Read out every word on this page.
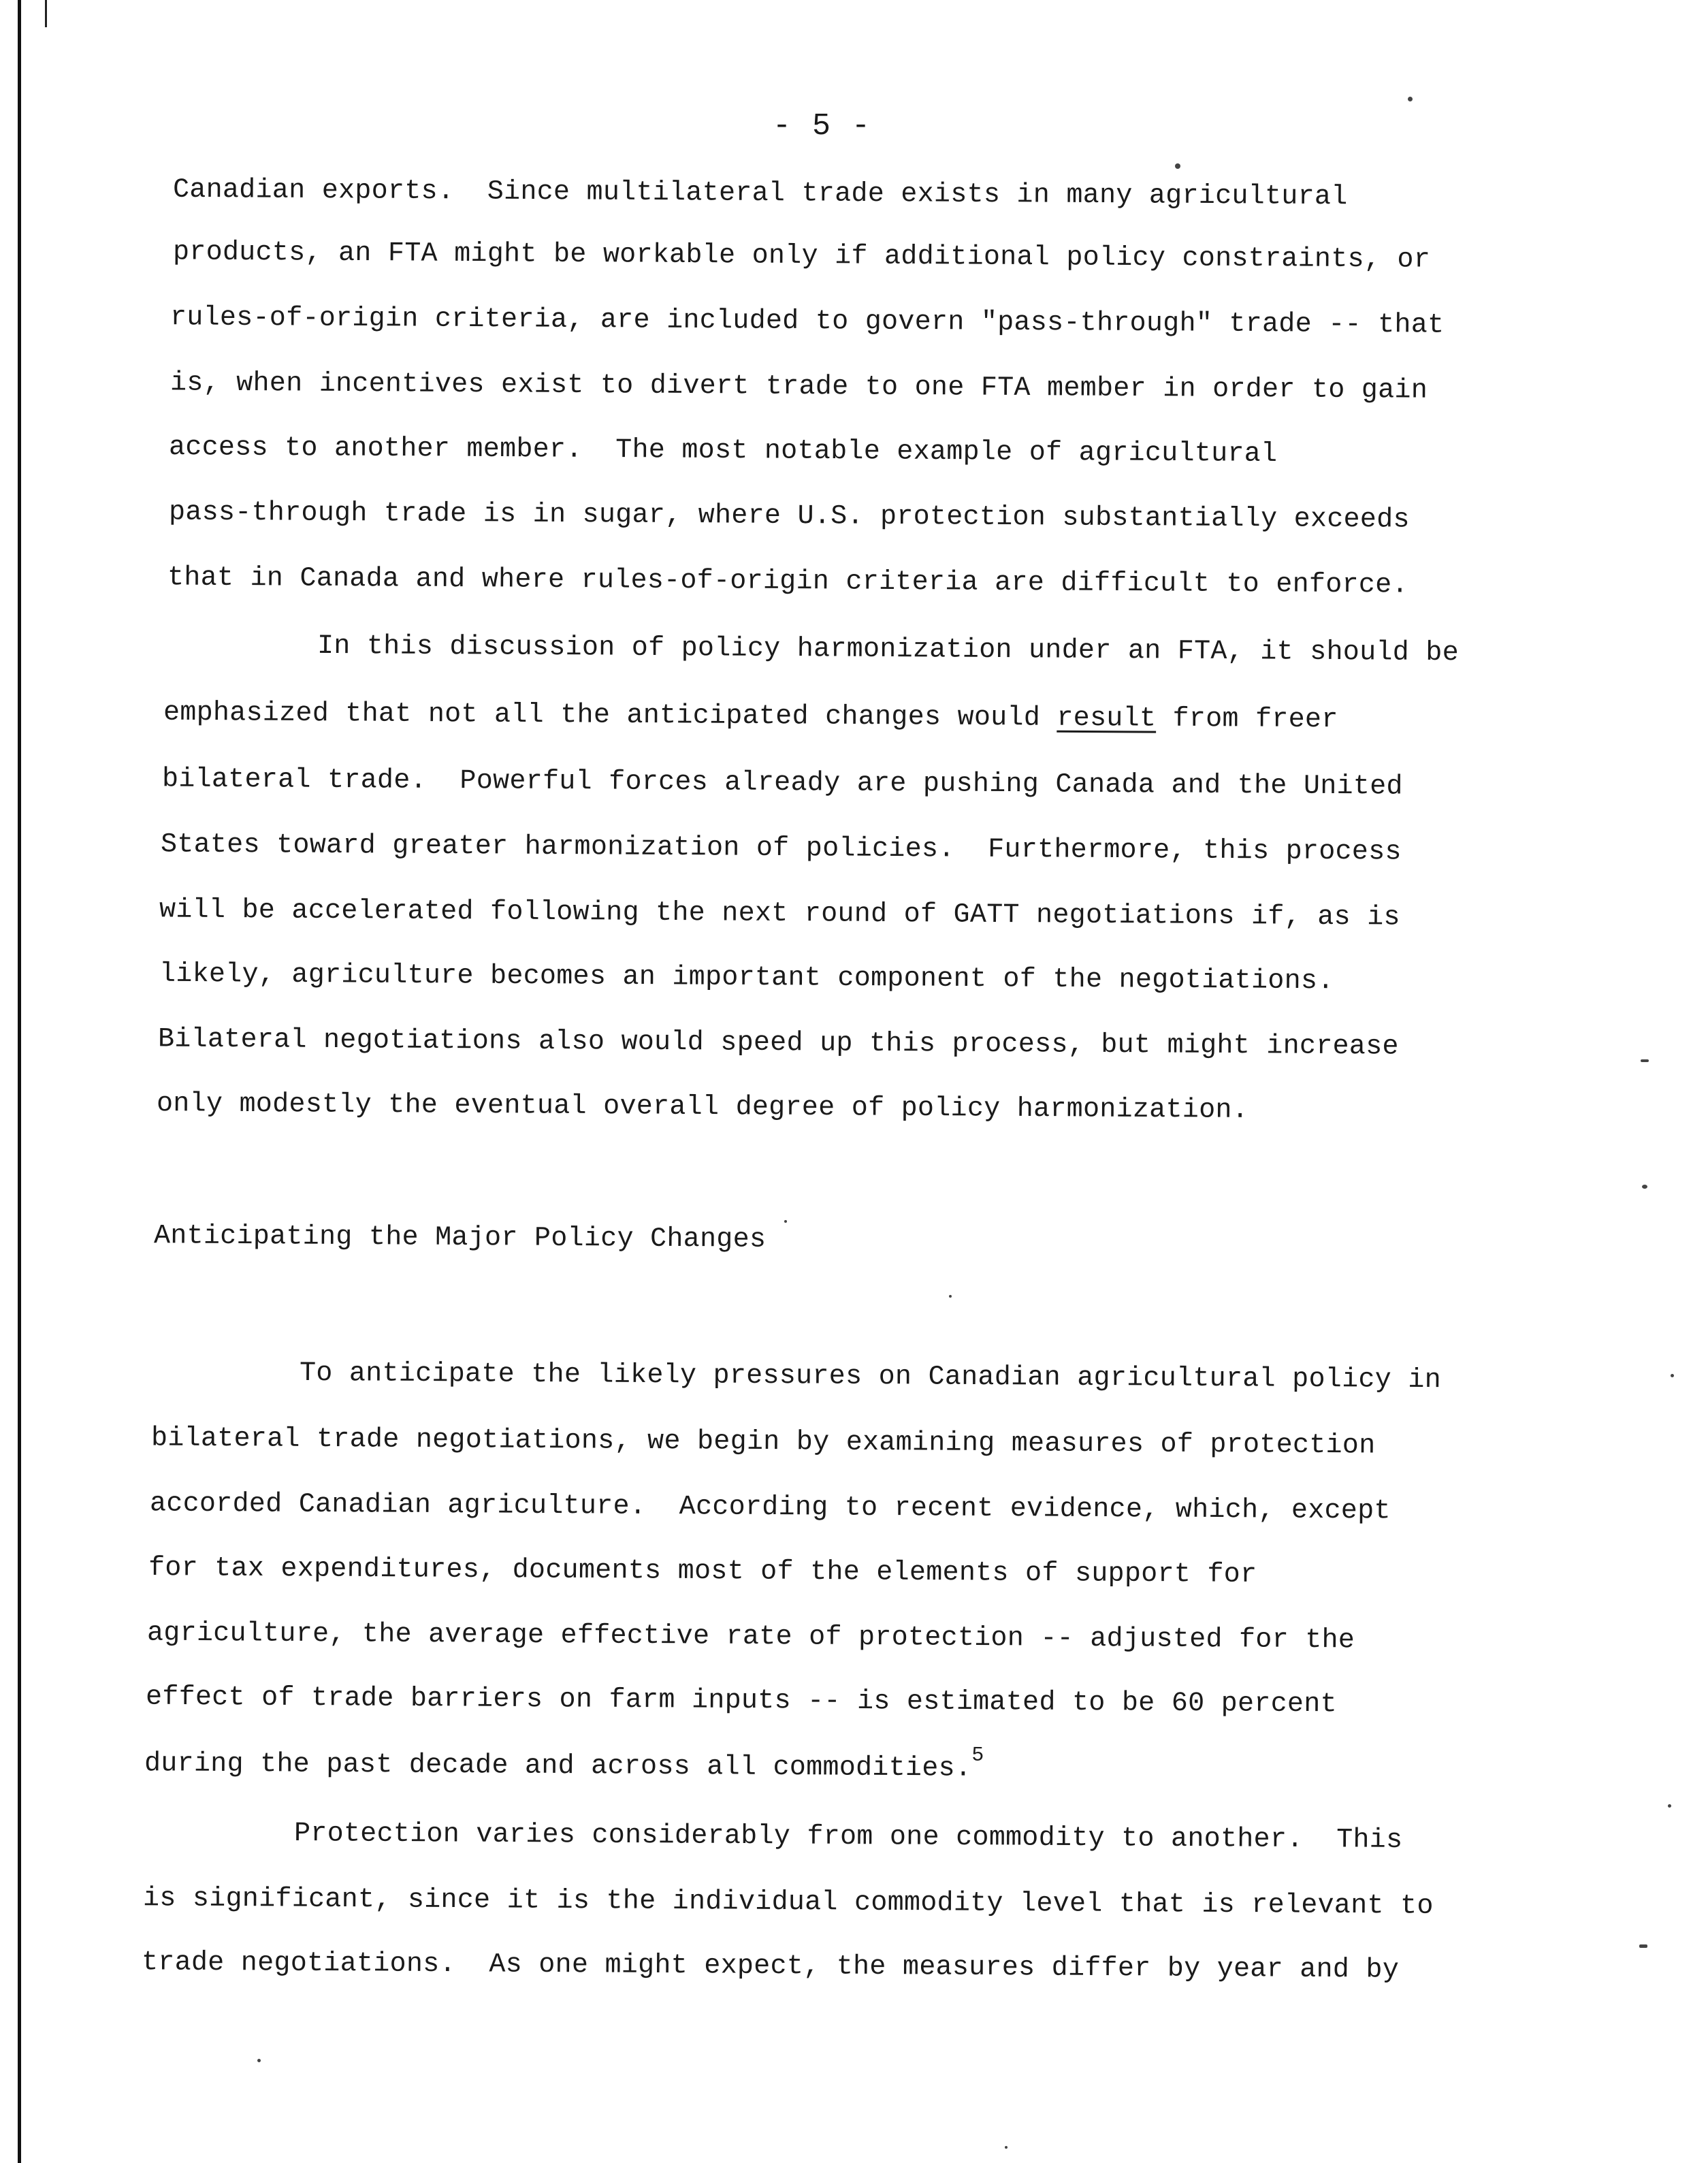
- 5 -
Canadian exports.  Since multilateral trade exists in many agricultural
products, an FTA might be workable only if additional policy constraints, or
rules-of-origin criteria, are included to govern "pass-through" trade -- that
is, when incentives exist to divert trade to one FTA member in order to gain
access to another member.  The most notable example of agricultural
pass-through trade is in sugar, where U.S. protection substantially exceeds
that in Canada and where rules-of-origin criteria are difficult to enforce.
In this discussion of policy harmonization under an FTA, it should be
emphasized that not all the anticipated changes would result from freer
bilateral trade.  Powerful forces already are pushing Canada and the United
States toward greater harmonization of policies.  Furthermore, this process
will be accelerated following the next round of GATT negotiations if, as is
likely, agriculture becomes an important component of the negotiations.
Bilateral negotiations also would speed up this process, but might increase
only modestly the eventual overall degree of policy harmonization.
Anticipating the Major Policy Changes
To anticipate the likely pressures on Canadian agricultural policy in
bilateral trade negotiations, we begin by examining measures of protection
accorded Canadian agriculture.  According to recent evidence, which, except
for tax expenditures, documents most of the elements of support for
agriculture, the average effective rate of protection -- adjusted for the
effect of trade barriers on farm inputs -- is estimated to be 60 percent
during the past decade and across all commodities.$^5$
Protection varies considerably from one commodity to another.  This
is significant, since it is the individual commodity level that is relevant to
trade negotiations.  As one might expect, the measures differ by year and by
